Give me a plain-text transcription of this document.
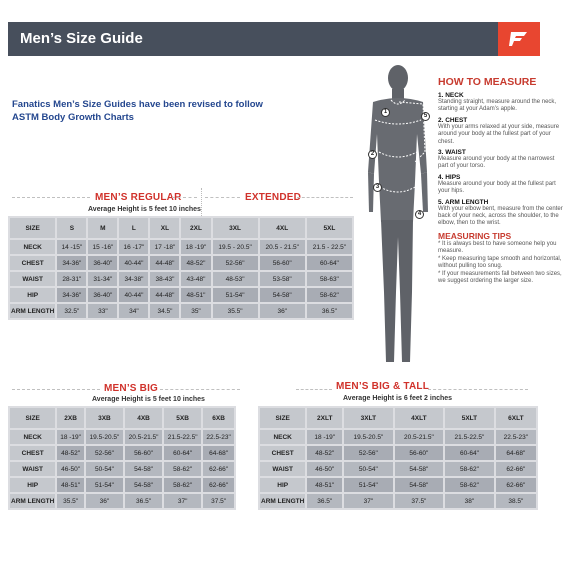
Men’s Size Guide
Fanatics Men’s Size Guides have been revised to follow
ASTM Body Growth Charts
MEN’S REGULAR
Average Height is 5 feet 10 inches
EXTENDED
SIZE	S	M	L	XL	2XL	3XL	4XL	5XL
NECK	14 -15"	15 -16"	16 -17"	17 -18"	18 -19"	19.5 - 20.5"	20.5 - 21.5"	21.5 - 22.5"
CHEST	34-36"	36-40"	40-44"	44-48"	48-52"	52-56"	56-60"	60-64"
WAIST	28-31"	31-34"	34-38"	38-43"	43-48"	48-53"	53-58"	58-63"
HIP	34-36"	36-40"	40-44"	44-48"	48-51"	51-54"	54-58"	58-62"
ARM LENGTH	32.5"	33"	34"	34.5"	35"	35.5"	36"	36.5"
MEN’S BIG
Average Height is 5 feet 10 inches
SIZE	2XB	3XB	4XB	5XB	6XB
NECK	18 -19"	19.5-20.5"	20.5-21.5"	21.5-22.5"	22.5-23"
CHEST	48-52"	52-56"	56-60"	60-64"	64-68"
WAIST	46-50"	50-54"	54-58"	58-62"	62-66"
HIP	48-51"	51-54"	54-58"	58-62"	62-66"
ARM LENGTH	35.5"	36"	36.5"	37"	37.5"
MEN’S BIG & TALL
Average Height is 6 feet 2 inches
SIZE	2XLT	3XLT	4XLT	5XLT	6XLT
NECK	18 -19"	19.5-20.5"	20.5-21.5"	21.5-22.5"	22.5-23"
CHEST	48-52"	52-56"	56-60"	60-64"	64-68"
WAIST	46-50"	50-54"	54-58"	58-62"	62-66"
HIP	48-51"	51-54"	54-58"	58-62"	62-66"
ARM LENGTH	36.5"	37"	37.5"	38"	38.5"
1
2
3
4
5
HOW TO MEASURE
1. NECK
Standing straight, measure around the neck, starting at your Adam’s apple.
2. CHEST
With your arms relaxed at your side, measure around your body at the fullest part of your chest.
3. WAIST
Measure around your body at the narrowest part of your torso.
4. HIPS
Measure around your body at the fullest part your hips.
5. ARM LENGTH
With your elbow bent, measure from the center back of your neck, across the shoulder, to the elbow, then to the wrist.
MEASURING TIPS
* It is always best to have someone help you measure.
* Keep measuring tape smooth and horizontal, without pulling too snug.
* If your measurements fall between two sizes, we suggest ordering the larger size.
